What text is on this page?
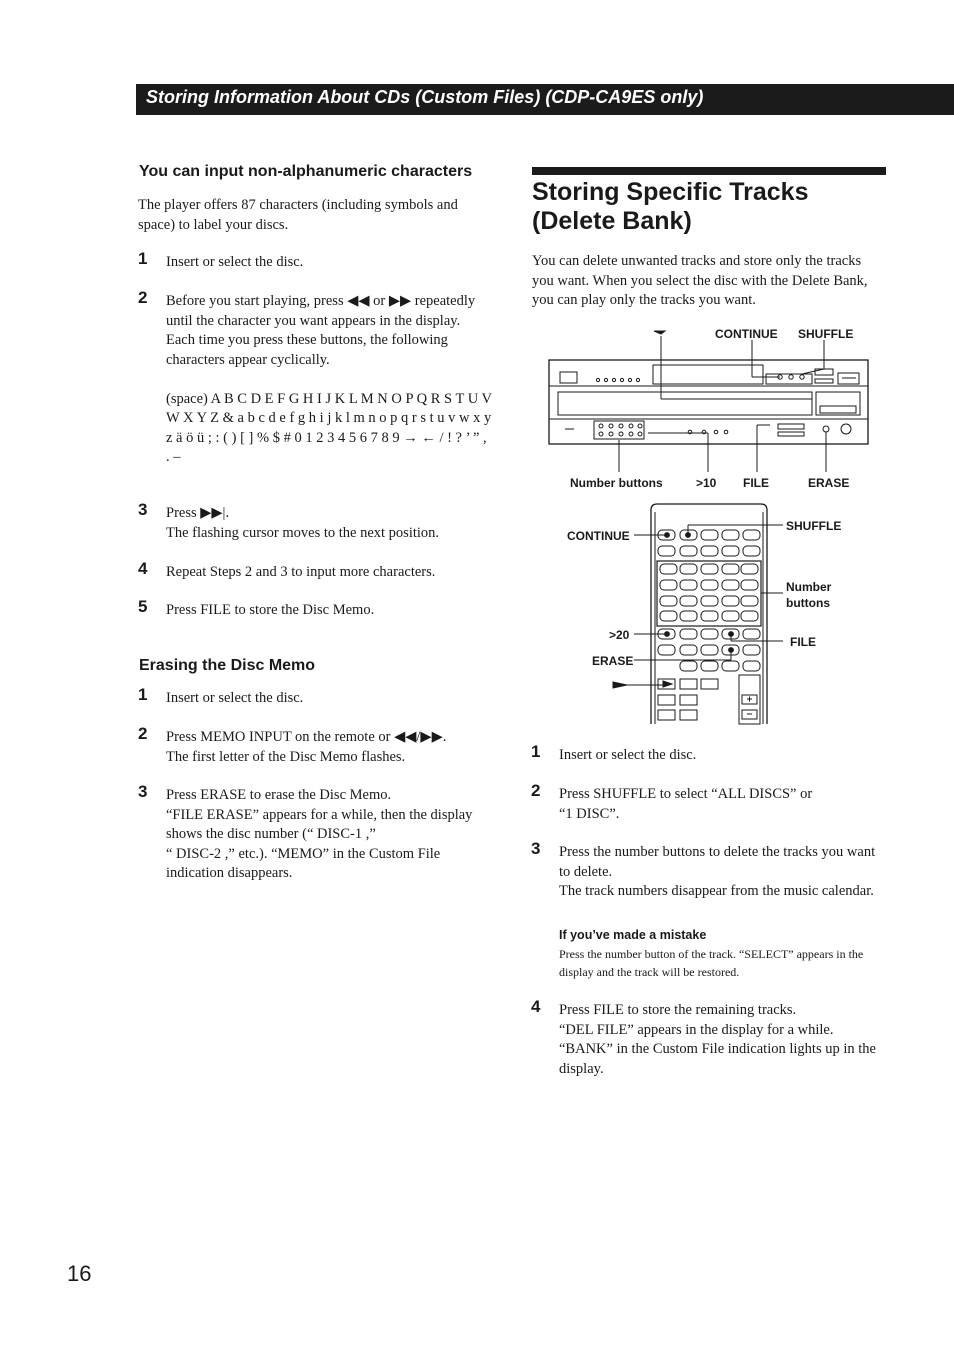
Storing Information About CDs (Custom Files) (CDP-CA9ES only)
You can input non-alphanumeric characters
The player offers 87 characters (including symbols and space) to label your discs.
1 Insert or select the disc.
2 Before you start playing, press ◀◀ or ▶▶ repeatedly until the character you want appears in the display.
Each time you press these buttons, the following characters appear cyclically.

(space) A B C D E F G H I J K L M N O P Q R S T U V W X Y Z & a b c d e f g h i j k l m n o p q r s t u v w x y z ä ö ü ; : ( ) [ ] % $ # 0 1 2 3 4 5 6 7 8 9 → ← / ! ? ’ ” , . –
3 Press ▶▶|.
The flashing cursor moves to the next position.
4 Repeat Steps 2 and 3 to input more characters.
5 Press FILE to store the Disc Memo.
Erasing the Disc Memo
1 Insert or select the disc.
2 Press MEMO INPUT on the remote or ◀◀/▶▶.
The first letter of the Disc Memo flashes.
3 Press ERASE to erase the Disc Memo.
“FILE ERASE” appears for a while, then the display shows the disc number (“ DISC-1 ,”
“ DISC-2 ,” etc.). “MEMO” in the Custom File indication disappears.
Storing Specific Tracks (Delete Bank)
You can delete unwanted tracks and store only the tracks you want. When you select the disc with the Delete Bank, you can play only the tracks you want.
CONTINUE SHUFFLE
Number buttons	>10 FILE	ERASE
CONTINUE
SHUFFLE
Number
buttons
>20	FILE
ERASE
1 Insert or select the disc.
2 Press SHUFFLE to select “ALL DISCS” or
“1 DISC”.
3 Press the number buttons to delete the tracks you want to delete.
The track numbers disappear from the music calendar.
If you’ve made a mistake
Press the number button of the track. “SELECT” appears in the display and the track will be restored.
4 Press FILE to store the remaining tracks.
“DEL FILE” appears in the display for a while.
“BANK” in the Custom File indication lights up in the display.
16
